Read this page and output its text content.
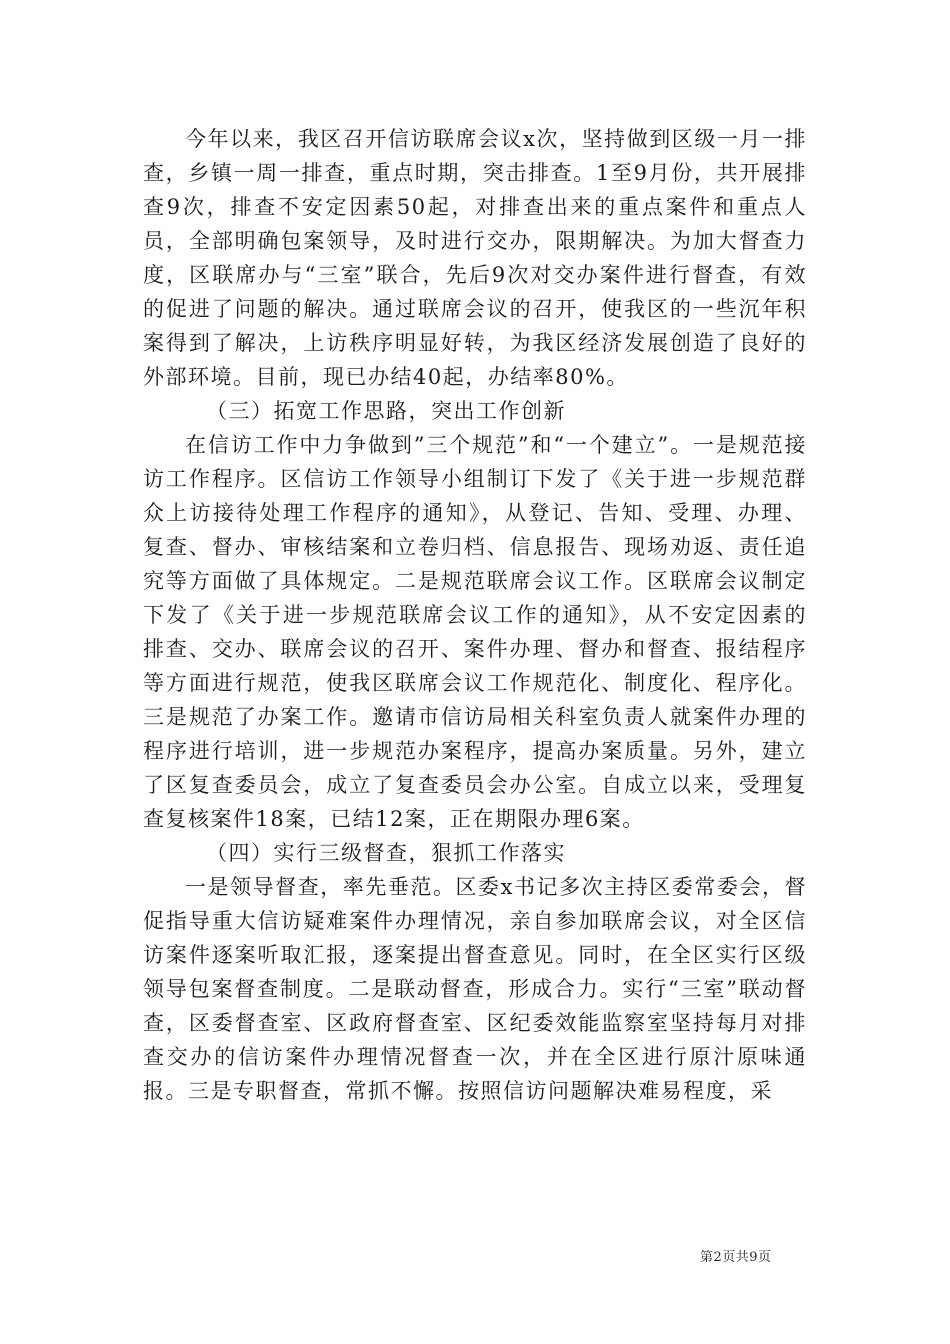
今年以来，我区召开信访联席会议x次，坚持做到区级一月一排查，乡镇一周一排查，重点时期，突击排查。1至9月份，共开展排查9次，排查不安定因素50起，对排查出来的重点案件和重点人员，全部明确包案领导，及时进行交办，限期解决。为加大督查力度，区联席办与“三室”联合，先后9次对交办案件进行督查，有效的促进了问题的解决。通过联席会议的召开，使我区的一些沉年积案得到了解决，上访秩序明显好转，为我区经济发展创造了良好的外部环境。目前，现已办结40起，办结率80%。

（三）拓宽工作思路，突出工作创新

在信访工作中力争做到”三个规范”和“一个建立”。一是规范接访工作程序。区信访工作领导小组制订下发了《关于进一步规范群众上访接待处理工作程序的通知》，从登记、告知、受理、办理、复查、督办、审核结案和立卷归档、信息报告、现场劝返、责任追究等方面做了具体规定。二是规范联席会议工作。区联席会议制定下发了《关于进一步规范联席会议工作的通知》，从不安定因素的排查、交办、联席会议的召开、案件办理、督办和督查、报结程序等方面进行规范，使我区联席会议工作规范化、制度化、程序化。三是规范了办案工作。邀请市信访局相关科室负责人就案件办理的程序进行培训，进一步规范办案程序，提高办案质量。另外，建立了区复查委员会，成立了复查委员会办公室。自成立以来，受理复查复核案件18案，已结12案，正在期限办理6案。

（四）实行三级督查，狠抓工作落实

一是领导督查，率先垂范。区委x书记多次主持区委常委会，督促指导重大信访疑难案件办理情况，亲自参加联席会议，对全区信访案件逐案听取汇报，逐案提出督查意见。同时，在全区实行区级领导包案督查制度。二是联动督查，形成合力。实行“三室”联动督查，区委督查室、区政府督查室、区纪委效能监察室坚持每月对排查交办的信访案件办理情况督查一次，并在全区进行原汁原味通报。三是专职督查，常抓不懈。按照信访问题解决难易程度，采

第2页共9页
